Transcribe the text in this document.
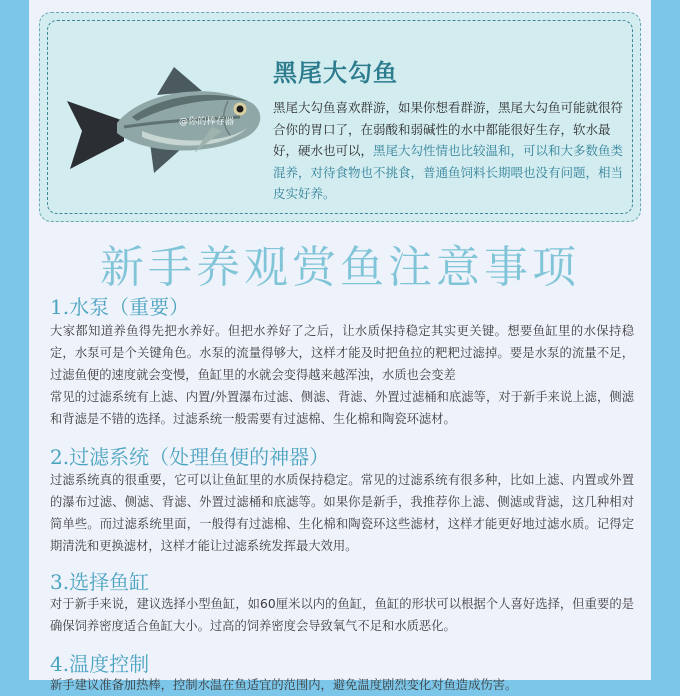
@你的棒存器
黑尾大勾鱼
黑尾大勾鱼喜欢群游，如果你想看群游，黑尾大勾鱼可能就很符合你的胃口了，在弱酸和弱碱性的水中都能很好生存，软水最好，硬水也可以，黑尾大勾性情也比较温和，可以和大多数鱼类混养，对待食物也不挑食，普通鱼饲料长期喂也没有问题，相当皮实好养。
新手养观赏鱼注意事项
1.水泵（重要）

大家都知道养鱼得先把水养好。但把水养好了之后，让水质保持稳定其实更关键。想要鱼缸里的水保持稳定，水泵可是个关键角色。水泵的流量得够大，这样才能及时把鱼拉的粑粑过滤掉。要是水泵的流量不足，过滤鱼便的速度就会变慢，鱼缸里的水就会变得越来越浑浊，水质也会变差

常见的过滤系统有上滤、内置/外置瀑布过滤、侧滤、背滤、外置过滤桶和底滤等，对于新手来说上滤，侧滤和背滤是不错的选择。过滤系统一般需要有过滤棉、生化棉和陶瓷环滤材。

2.过滤系统（处理鱼便的神器）

过滤系统真的很重要，它可以让鱼缸里的水质保持稳定。常见的过滤系统有很多种，比如上滤、内置或外置的瀑布过滤、侧滤、背滤、外置过滤桶和底滤等。如果你是新手，我推荐你上滤、侧滤或背滤，这几种相对简单些。而过滤系统里面，一般得有过滤棉、生化棉和陶瓷环这些滤材，这样才能更好地过滤水质。记得定期清洗和更换滤材，这样才能让过滤系统发挥最大效用。

3.选择鱼缸

对于新手来说，建议选择小型鱼缸，如60厘米以内的鱼缸，鱼缸的形状可以根据个人喜好选择，但重要的是确保饲养密度适合鱼缸大小。过高的饲养密度会导致氧气不足和水质恶化。

4.温度控制

新手建议准备加热棒，控制水温在鱼适宜的范围内，避免温度剧烈变化对鱼造成伤害。
